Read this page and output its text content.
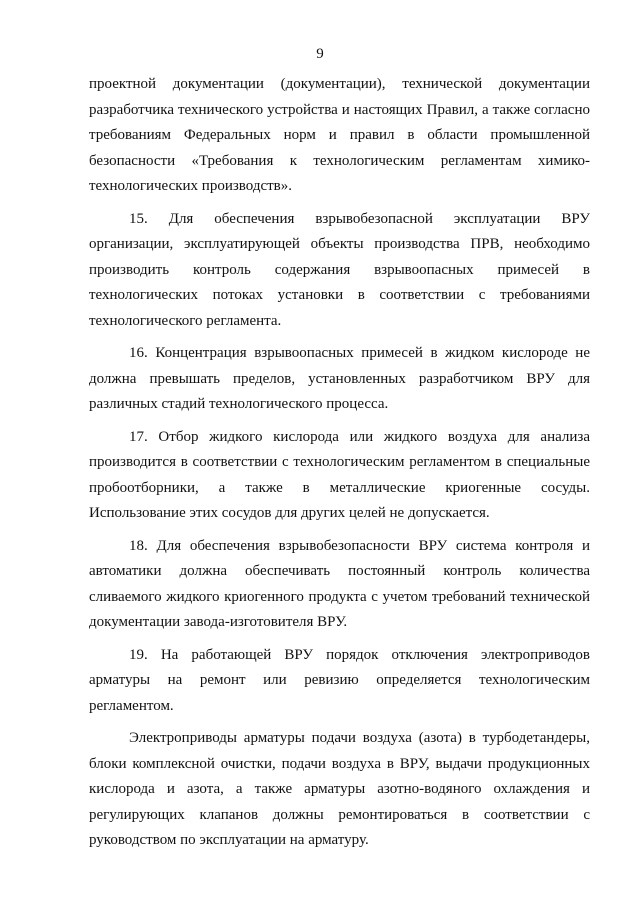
9

проектной документации (документации), технической документации разработчика технического устройства и настоящих Правил, а также согласно требованиям Федеральных норм и правил в области промышленной безопасности «Требования к технологическим регламентам химико-технологических производств».

15. Для обеспечения взрывобезопасной эксплуатации ВРУ организации, эксплуатирующей объекты производства ПРВ, необходимо производить контроль содержания взрывоопасных примесей в технологических потоках установки в соответствии с требованиями технологического регламента.

16. Концентрация взрывоопасных примесей в жидком кислороде не должна превышать пределов, установленных разработчиком ВРУ для различных стадий технологического процесса.

17. Отбор жидкого кислорода или жидкого воздуха для анализа производится в соответствии с технологическим регламентом в специальные пробоотборники, а также в металлические криогенные сосуды. Использование этих сосудов для других целей не допускается.

18. Для обеспечения взрывобезопасности ВРУ система контроля и автоматики должна обеспечивать постоянный контроль количества сливаемого жидкого криогенного продукта с учетом требований технической документации завода-изготовителя ВРУ.

19. На работающей ВРУ порядок отключения электроприводов арматуры на ремонт или ревизию определяется технологическим регламентом.

Электроприводы арматуры подачи воздуха (азота) в турбодетандеры, блоки комплексной очистки, подачи воздуха в ВРУ, выдачи продукционных кислорода и азота, а также арматуры азотно-водяного охлаждения и регулирующих клапанов должны ремонтироваться в соответствии с руководством по эксплуатации на арматуру.
